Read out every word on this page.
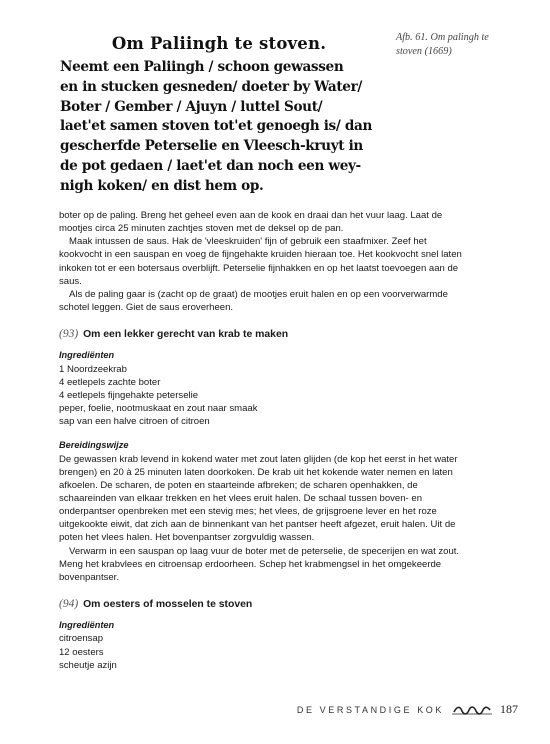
Om Paliingh te stoven.
Neemt een Paliingh / schoon gewassen
en in stucken gesneden/ doeter by Water/
Boter / Gember / Ajuyn / luttel Sout/
laet'et samen stoven tot'et genoegh is/ dan
gescherfde Peterselie en Vleesch-kruyt in
de pot gedaen / laet'et dan noch een wey-
nigh koken/ en dist hem op.
Afb. 61. Om palingh te stoven (1669)

boter op de paling. Breng het geheel even aan de kook en draai dan het vuur laag. Laat de mootjes circa 25 minuten zachtjes stoven met de deksel op de pan.

Maak intussen de saus. Hak de 'vleeskruiden' fijn of gebruik een staafmixer. Zeef het kookvocht in een sauspan en voeg de fijngehakte kruiden hieraan toe. Het kookvocht snel laten inkoken tot er een botersaus overblijft. Peterselie fijnhakken en op het laatst toevoegen aan de saus.

Als de paling gaar is (zacht op de graat) de mootjes eruit halen en op een voorverwarmde schotel leggen. Giet de saus eroverheen.

(93) Om een lekker gerecht van krab te maken
Ingrediënten

1 Noordzeekrab

4 eetlepels zachte boter

4 eetlepels fijngehakte peterselie

peper, foelie, nootmuskaat en zout naar smaak

sap van een halve citroen of citroen

Bereidingswijze

De gewassen krab levend in kokend water met zout laten glijden (de kop het eerst in het water brengen) en 20 à 25 minuten laten doorkoken. De krab uit het kokende water nemen en laten afkoelen. De scharen, de poten en staarteinde afbreken; de scharen openhakken, de schaareinden van elkaar trekken en het vlees eruit halen. De schaal tussen boven- en onderpantser openbreken met een stevig mes; het vlees, de grijsgroene lever en het roze uitgekookte eiwit, dat zich aan de binnenkant van het pantser heeft afgezet, eruit halen. Uit de poten het vlees halen. Het bovenpantser zorgvuldig wassen.

Verwarm in een sauspan op laag vuur de boter met de peterselie, de specerijen en wat zout. Meng het krabvlees en citroensap erdoorheen. Schep het krabmengsel in het omgekeerde bovenpantser.

(94) Om oesters of mosselen te stoven
Ingrediënten

citroensap

12 oesters

scheutje azijn

DE VERSTANDIGE KOK	187
